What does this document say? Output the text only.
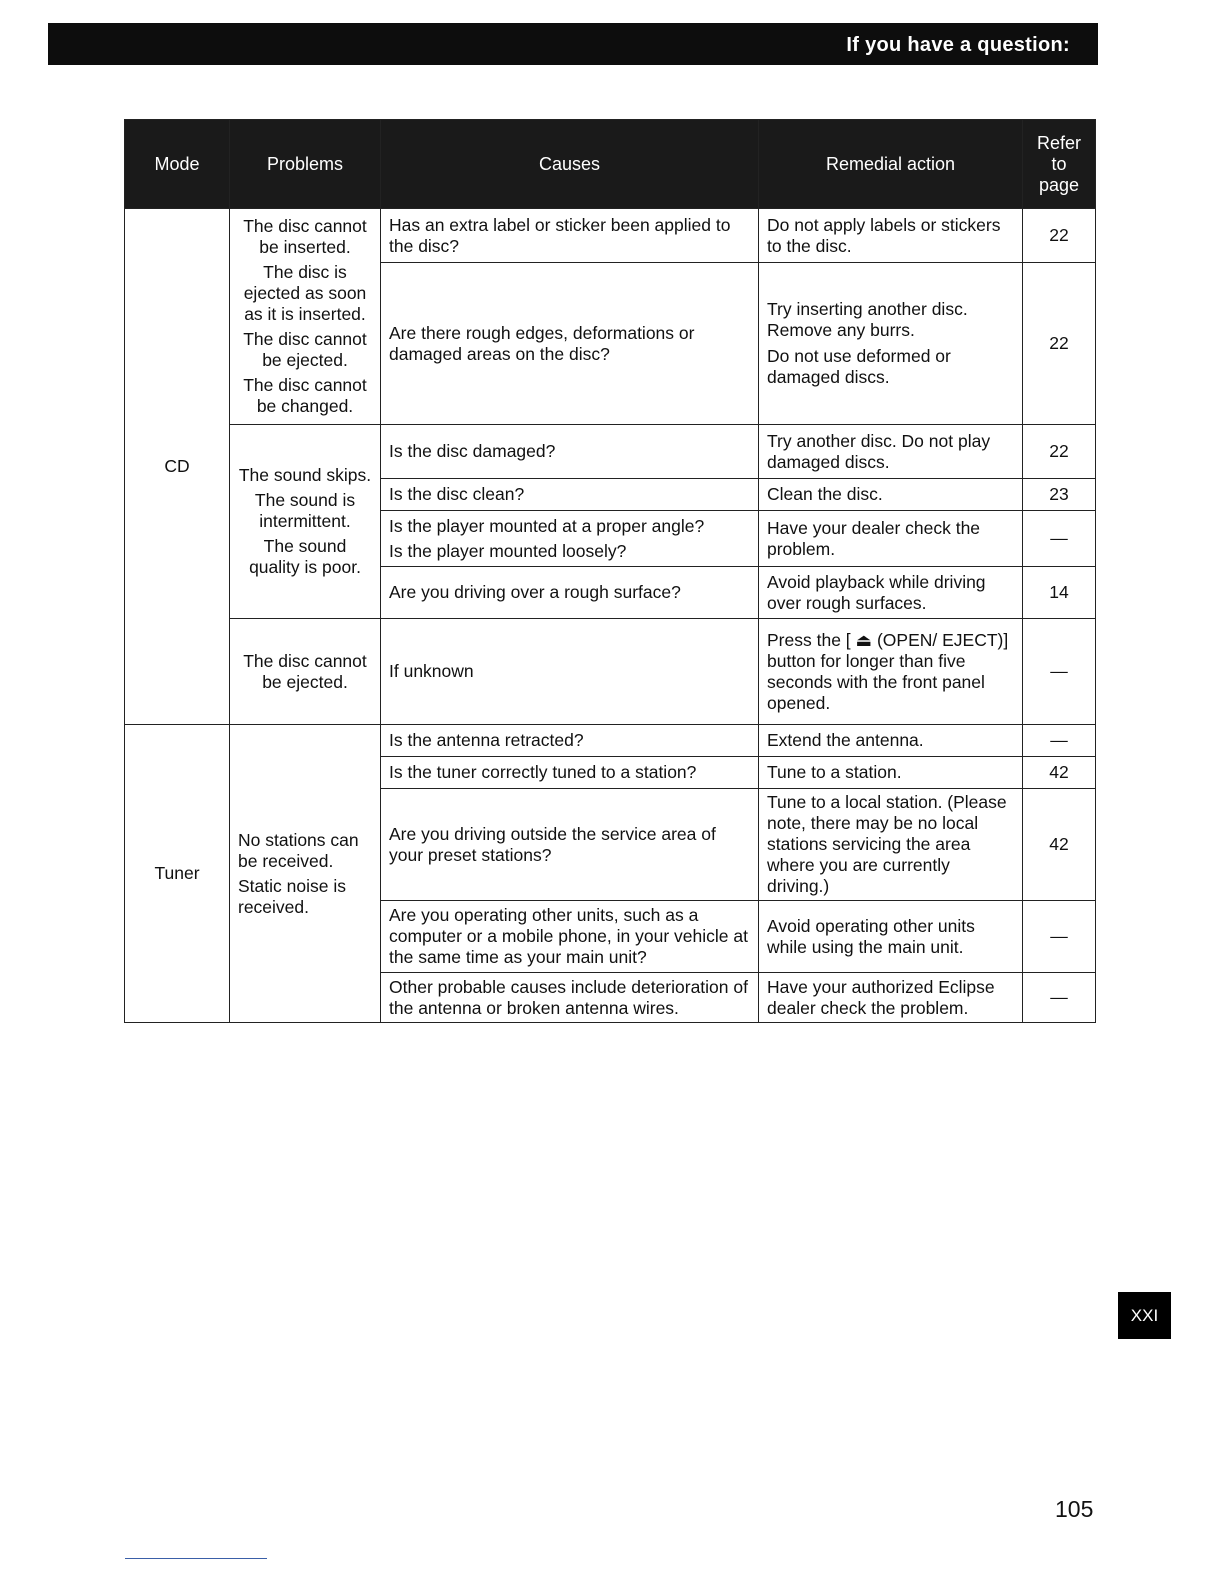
If you have a question:
Mode	Problems	Causes	Remedial action	Refer
to
page

CD	The disc cannot be inserted.
The disc is ejected as soon as it is inserted.
The disc cannot be ejected.
The disc cannot be changed.	Has an extra label or sticker been applied to the disc?	Do not apply labels or stickers to the disc.	22
		Are there rough edges, deformations or damaged areas on the disc?	Try inserting another disc. Remove any burrs.
Do not use deformed or damaged discs.	22

	The sound skips.
The sound is intermittent.
The sound quality is poor.	Is the disc damaged?	Try another disc. Do not play damaged discs.	22
		Is the disc clean?	Clean the disc.	23

		Is the player mounted at a proper angle?
Is the player mounted loosely?	Have your dealer check the problem.	—
		Are you driving over a rough surface?	Avoid playback while driving over rough surfaces.	14

	The disc cannot be ejected.	If unknown	Press the [ ⏏ (OPEN/ EJECT)] button for longer than five seconds with the front panel opened.	—
Tuner	No stations can be received.
Static noise is received.	Is the antenna retracted?	Extend the antenna.	—
		Is the tuner correctly tuned to a station?	Tune to a station.	42
		Are you driving outside the service area of your preset stations?	Tune to a local station. (Please note, there may be no local stations servicing the area where you are currently driving.)	42
		Are you operating other units, such as a computer or a mobile phone, in your vehicle at the same time as your main unit?	Avoid operating other units while using the main unit.	—
		Other probable causes include deterioration of the antenna or broken antenna wires.	Have your authorized Eclipse dealer check the problem.	—
XXI
105
